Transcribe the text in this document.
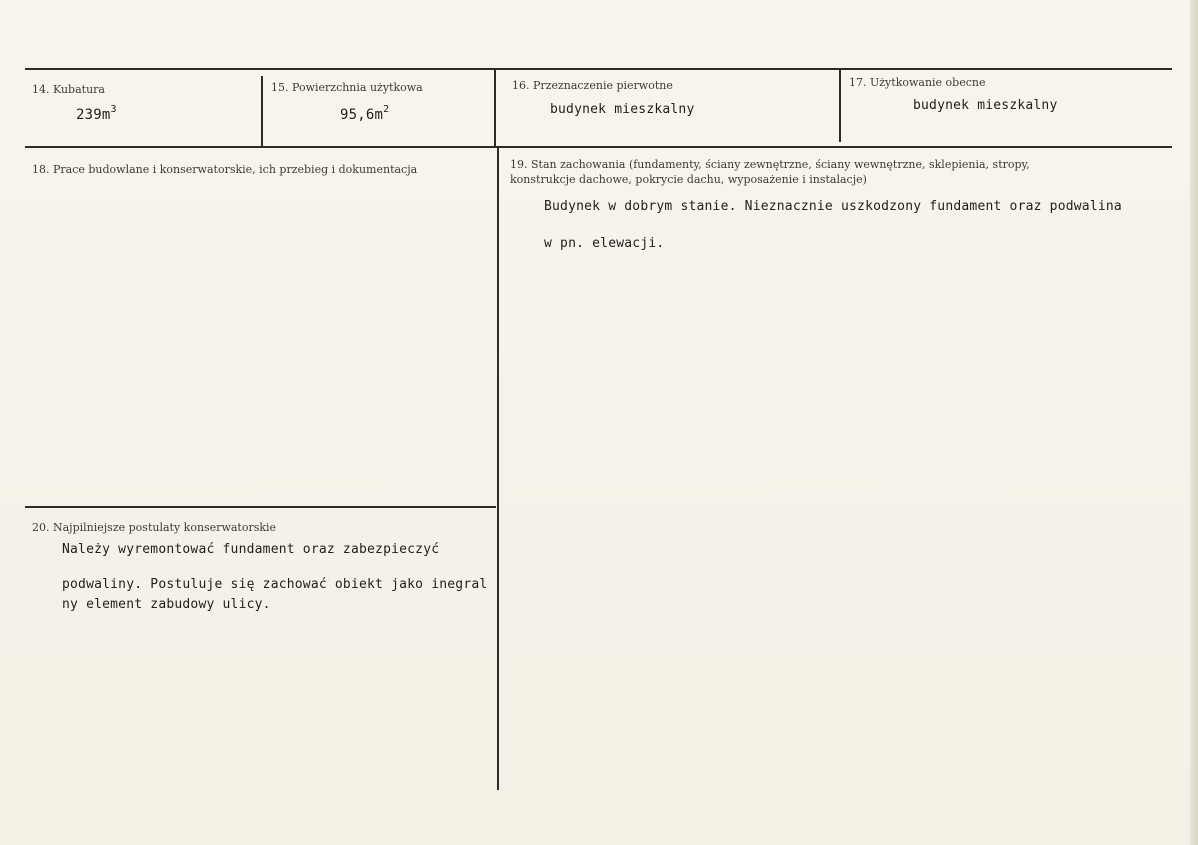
14. Kubatura
$239m^3$
15. Powierzchnia użytkowa
$95,6m^2$
16. Przeznaczenie pierwotne
budynek mieszkalny
17. Użytkowanie obecne
budynek mieszkalny
18. Prace budowlane i konserwatorskie, ich przebieg i dokumentacja	19. Stan zachowania (fundamenty, ściany zewnętrzne, ściany wewnętrzne, sklepienia, stropy,
konstrukcje dachowe, pokrycie dachu, wyposażenie i instalacje)
Budynek w dobrym stanie. Nieznacznie uszkodzony fundament oraz podwalina
w pn. elewacji.
20. Najpilniejsze postulaty konserwatorskie
Należy wyremontować fundament oraz zabezpieczyć
podwaliny. Postuluje się zachować obiekt jako inegral
ny element zabudowy ulicy.
